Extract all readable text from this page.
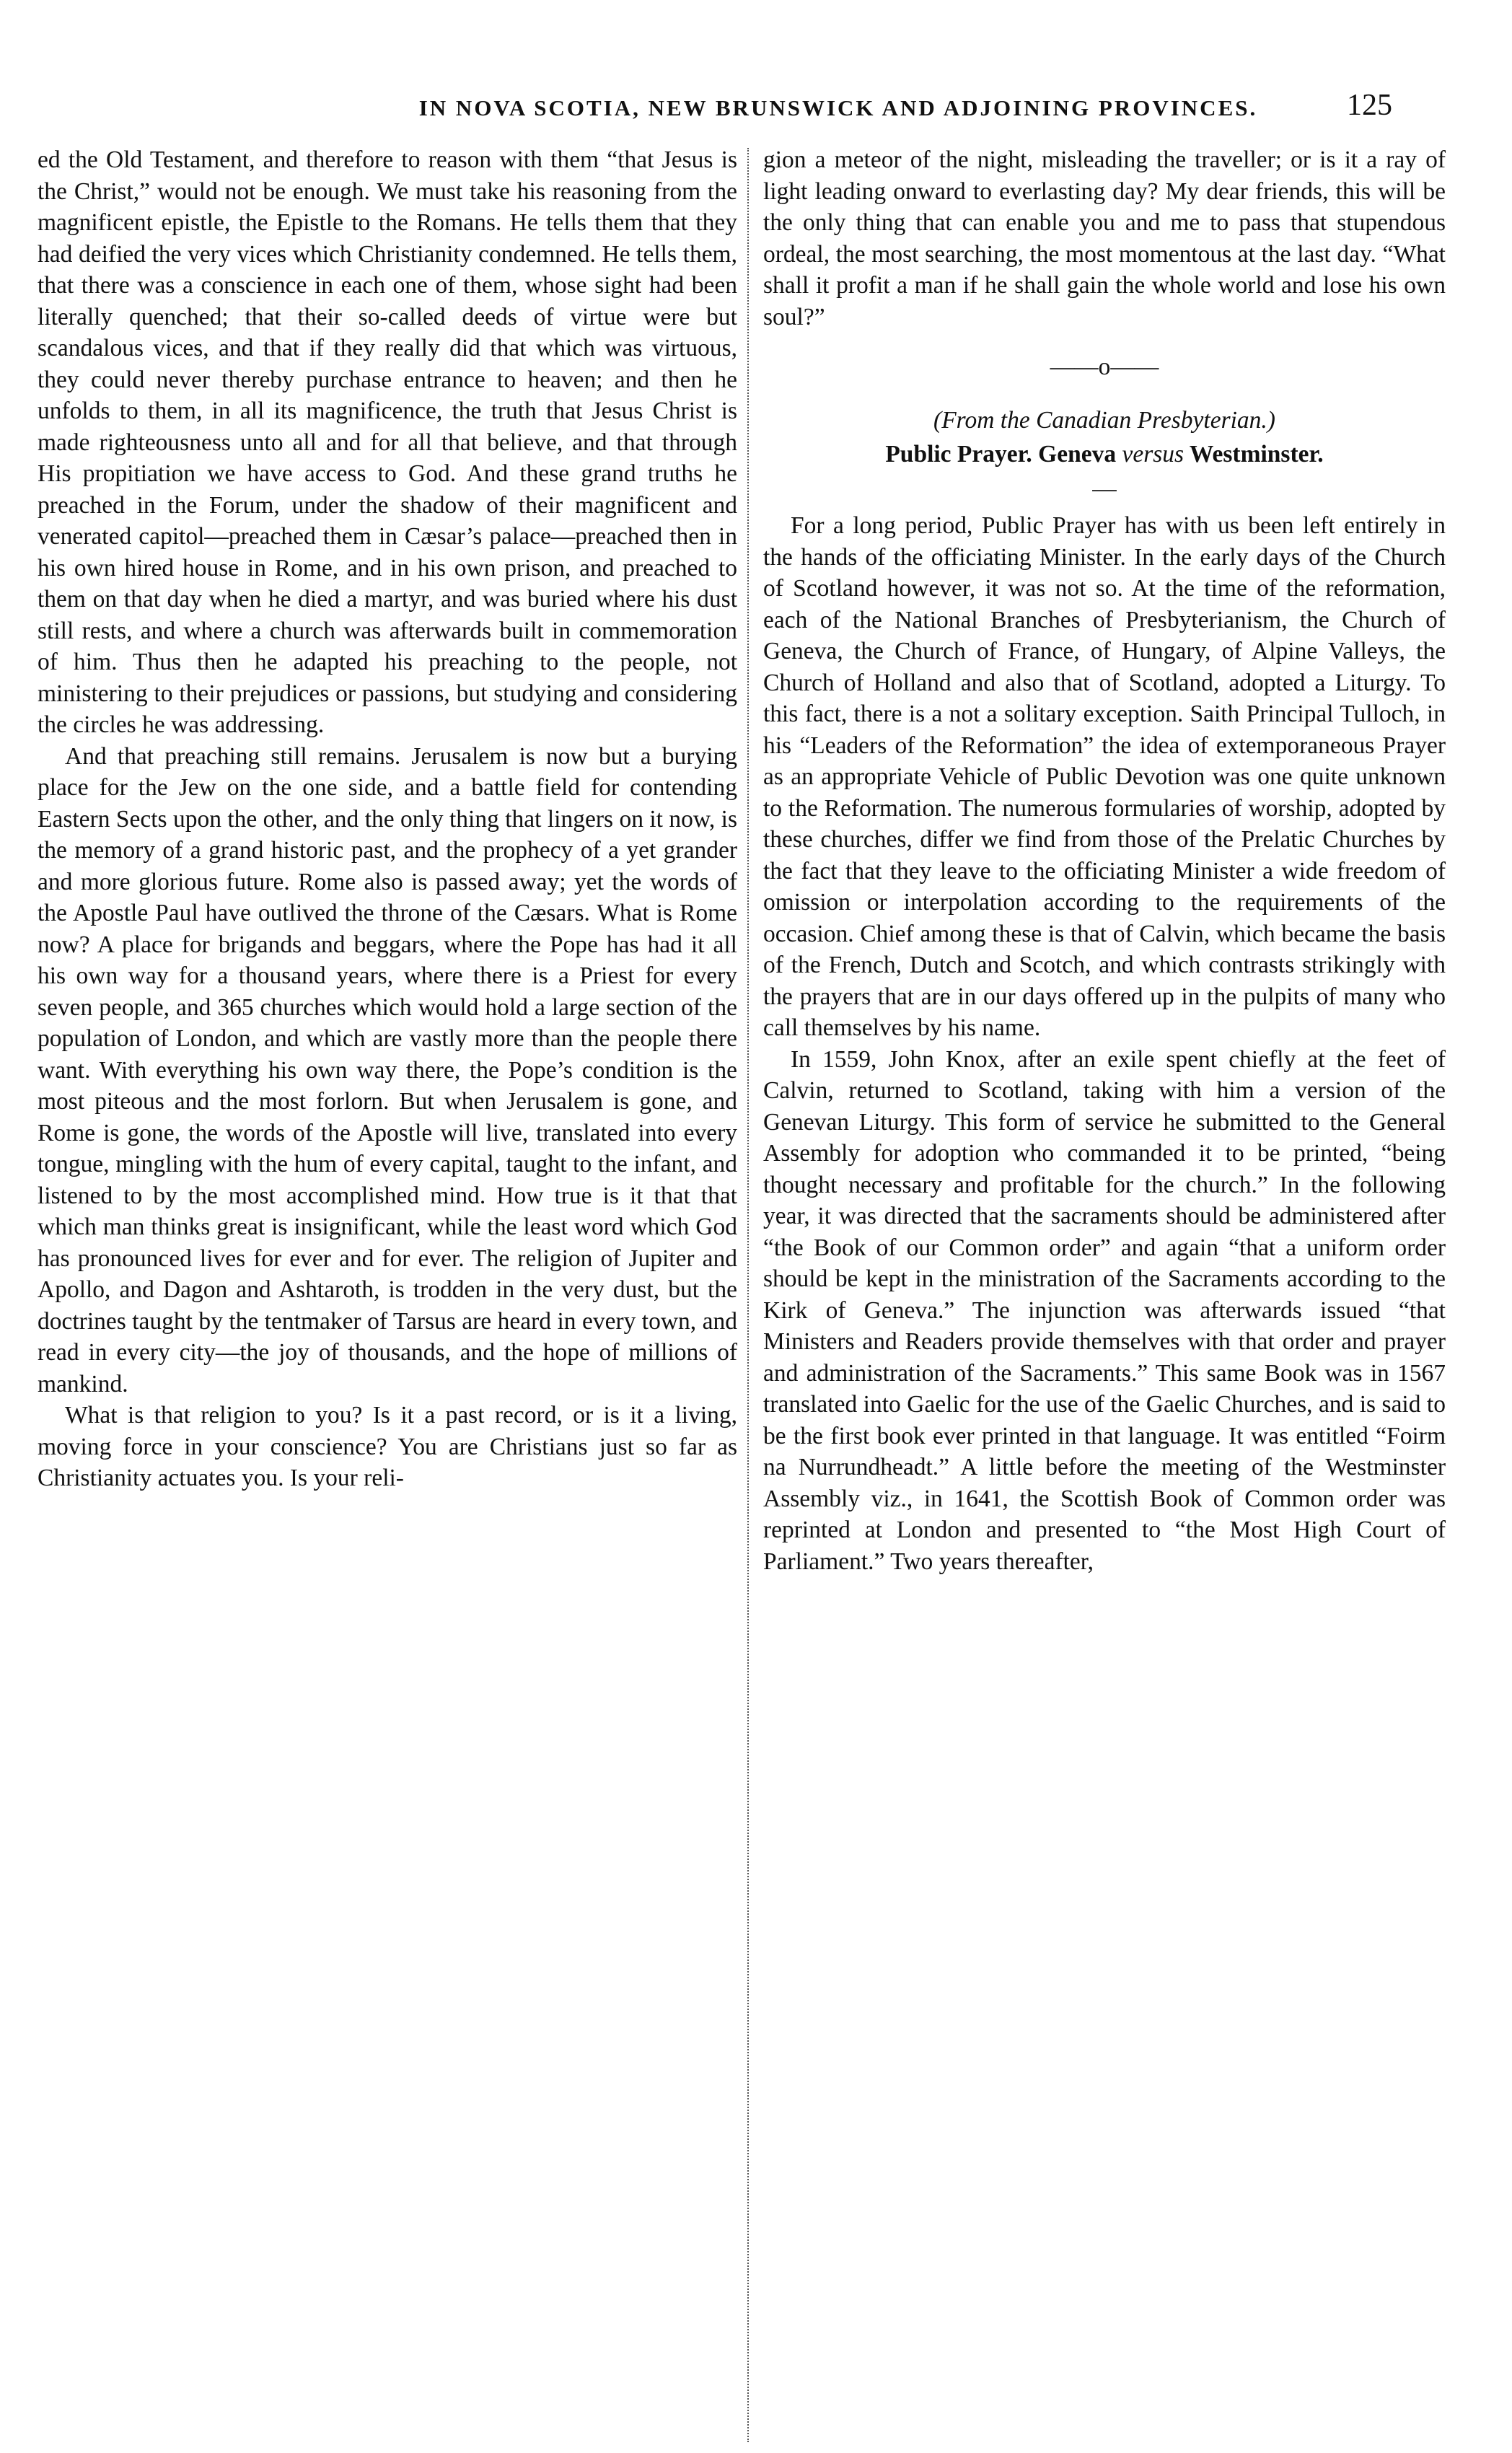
IN NOVA SCOTIA, NEW BRUNSWICK AND ADJOINING PROVINCES.	125

ed the Old Testament, and therefore to reason with them “that Jesus is the Christ,” would not be enough. We must take his reasoning from the magnificent epistle, the Epistle to the Romans. He tells them that they had deified the very vices which Christianity condemned. He tells them, that there was a conscience in each one of them, whose sight had been literally quenched; that their so-called deeds of virtue were but scandalous vices, and that if they really did that which was virtuous, they could never thereby purchase entrance to heaven; and then he unfolds to them, in all its magnificence, the truth that Jesus Christ is made righteousness unto all and for all that believe, and that through His propitiation we have access to God. And these grand truths he preached in the Forum, under the shadow of their magnificent and venerated capitol—preached them in Cæsar’s palace—preached then in his own hired house in Rome, and in his own prison, and preached to them on that day when he died a martyr, and was buried where his dust still rests, and where a church was afterwards built in commemoration of him. Thus then he adapted his preaching to the people, not ministering to their prejudices or passions, but studying and considering the circles he was addressing.

And that preaching still remains. Jerusalem is now but a burying place for the Jew on the one side, and a battle field for contending Eastern Sects upon the other, and the only thing that lingers on it now, is the memory of a grand historic past, and the prophecy of a yet grander and more glorious future. Rome also is passed away; yet the words of the Apostle Paul have outlived the throne of the Cæsars. What is Rome now? A place for brigands and beggars, where the Pope has had it all his own way for a thousand years, where there is a Priest for every seven people, and 365 churches which would hold a large section of the population of London, and which are vastly more than the people there want. With everything his own way there, the Pope’s condition is the most piteous and the most forlorn. But when Jerusalem is gone, and Rome is gone, the words of the Apostle will live, translated into every tongue, mingling with the hum of every capital, taught to the infant, and listened to by the most accomplished mind. How true is it that that which man thinks great is insignificant, while the least word which God has pronounced lives for ever and for ever. The religion of Jupiter and Apollo, and Dagon and Ashtaroth, is trodden in the very dust, but the doctrines taught by the tentmaker of Tarsus are heard in every town, and read in every city—the joy of thousands, and the hope of millions of mankind.

What is that religion to you? Is it a past record, or is it a living, moving force in your conscience? You are Christians just so far as Christianity actuates you. Is your reli-

gion a meteor of the night, misleading the traveller; or is it a ray of light leading onward to everlasting day? My dear friends, this will be the only thing that can enable you and me to pass that stupendous ordeal, the most searching, the most momentous at the last day. “What shall it profit a man if he shall gain the whole world and lose his own soul?”

——o——
(From the Canadian Presbyterian.)
Public Prayer. Geneva versus Westminster.
—

For a long period, Public Prayer has with us been left entirely in the hands of the officiating Minister. In the early days of the Church of Scotland however, it was not so. At the time of the reformation, each of the National Branches of Presbyterianism, the Church of Geneva, the Church of France, of Hungary, of Alpine Valleys, the Church of Holland and also that of Scotland, adopted a Liturgy. To this fact, there is a not a solitary exception. Saith Principal Tulloch, in his “Leaders of the Reformation” the idea of extemporaneous Prayer as an appropriate Vehicle of Public Devotion was one quite unknown to the Reformation. The numerous formularies of worship, adopted by these churches, differ we find from those of the Prelatic Churches by the fact that they leave to the officiating Minister a wide freedom of omission or interpolation according to the requirements of the occasion. Chief among these is that of Calvin, which became the basis of the French, Dutch and Scotch, and which contrasts strikingly with the prayers that are in our days offered up in the pulpits of many who call themselves by his name.

In 1559, John Knox, after an exile spent chiefly at the feet of Calvin, returned to Scotland, taking with him a version of the Genevan Liturgy. This form of service he submitted to the General Assembly for adoption who commanded it to be printed, “being thought necessary and profitable for the church.” In the following year, it was directed that the sacraments should be administered after “the Book of our Common order” and again “that a uniform order should be kept in the ministration of the Sacraments according to the Kirk of Geneva.” The injunction was afterwards issued “that Ministers and Readers provide themselves with that order and prayer and administration of the Sacraments.” This same Book was in 1567 translated into Gaelic for the use of the Gaelic Churches, and is said to be the first book ever printed in that language. It was entitled “Foirm na Nurrundheadt.” A little before the meeting of the Westminster Assembly viz., in 1641, the Scottish Book of Common order was reprinted at London and presented to “the Most High Court of Parliament.” Two years thereafter,
